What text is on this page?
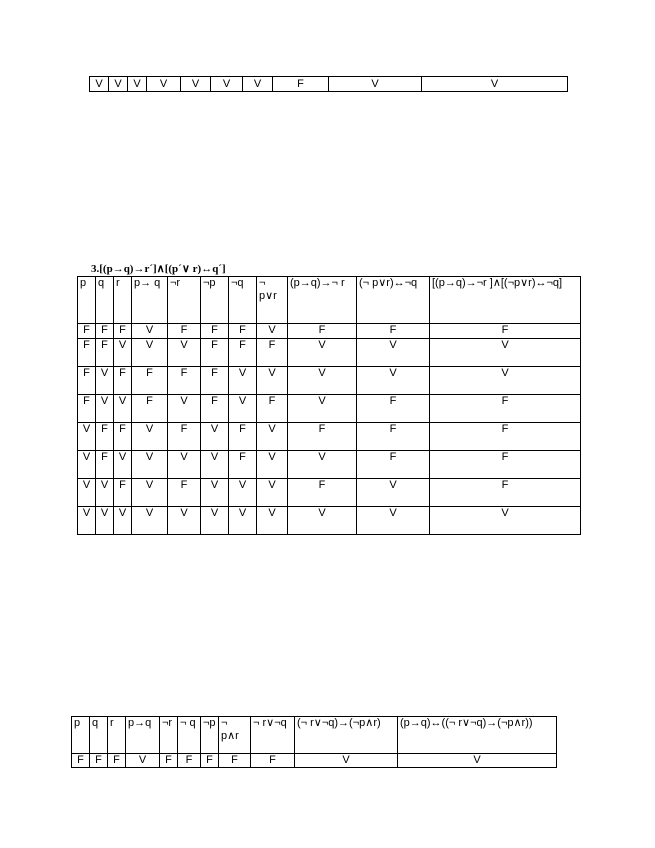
V	V	V	V	V	V	V	F	V	V
3.[(p→q)→r´]∧[(p´∨ r)↔q´]
p	q	r	p→ q	¬r	¬p	¬q	¬ p∨r	(p→q)→¬ r	(¬ p∨r)↔¬q	[(p→q)→¬r ]∧[(¬p∨r)↔¬q]
F	F	F	V	F	F	F	V	F	F	F
F	F	V	V	V	F	F	F	V	V	V
F	V	F	F	F	F	V	V	V	V	V
F	V	V	F	V	F	V	F	V	F	F
V	F	F	V	F	V	F	V	F	F	F
V	F	V	V	V	V	F	V	V	F	F
V	V	F	V	F	V	V	V	F	V	F
V	V	V	V	V	V	V	V	V	V	V
p	q	r	p→q	¬r	¬ q	¬p	¬ p∧r	¬ r∨¬q	(¬ r∨¬q)→(¬p∧r)	(p→q)↔((¬ r∨¬q)→(¬p∧r))
F	F	F	V	F	F	F	F	F	V	V
